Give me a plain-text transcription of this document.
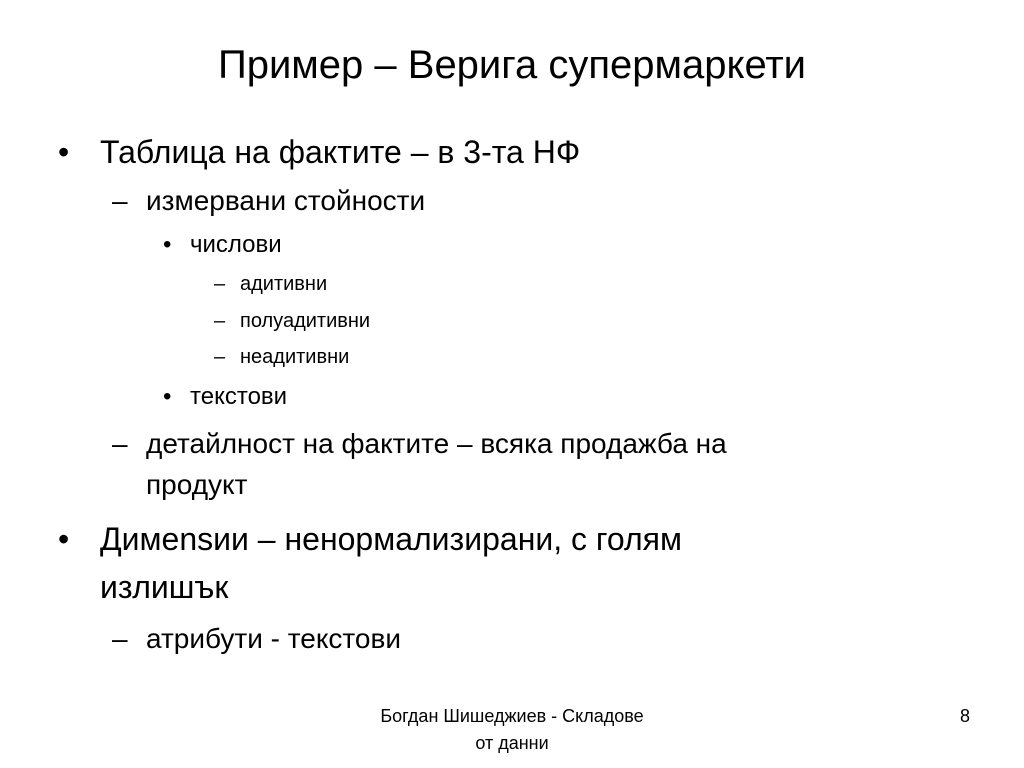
Пример – Верига супермаркети
• Таблица на фактите – в 3-та НФ
– измервани стойности
• числови
– адитивни
– полуадитивни
– неадитивни
• текстови
– детайлност на фактите – всяка продажба на
продукт
• Димensии – ненормализирани, с голям
излишък
– атрибути - текстови
Богдан Шишеджиев - Складове
от данни
8
